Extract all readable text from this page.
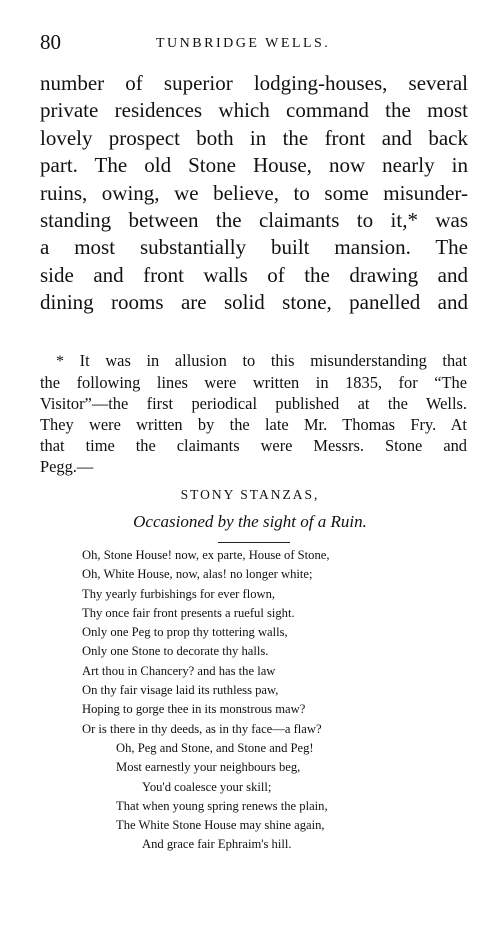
80	TUNBRIDGE WELLS.
number of superior lodging-houses, several
private residences which command the most
lovely prospect both in the front and back
part. The old Stone House, now nearly in
ruins, owing, we believe, to some misunder-
standing between the claimants to it,* was
a most substantially built mansion. The
side and front walls of the drawing and
dining rooms are solid stone, panelled and
* It was in allusion to this misunderstanding that
the following lines were written in 1835, for “The
Visitor”—the first periodical published at the Wells.
They were written by the late Mr. Thomas Fry. At
that time the claimants were Messrs. Stone and
Pegg.—
STONY STANZAS,
Occasioned by the sight of a Ruin.
Oh, Stone House! now, ex parte, House of Stone,
Oh, White House, now, alas! no longer white;
Thy yearly furbishings for ever flown,
Thy once fair front presents a rueful sight.
Only one Peg to prop thy tottering walls,
Only one Stone to decorate thy halls.
Art thou in Chancery? and has the law
On thy fair visage laid its ruthless paw,
Hoping to gorge thee in its monstrous maw?
Or is there in thy deeds, as in thy face—a flaw?
Oh, Peg and Stone, and Stone and Peg!
Most earnestly your neighbours beg,
You'd coalesce your skill;
That when young spring renews the plain,
The White Stone House may shine again,
And grace fair Ephraim's hill.
